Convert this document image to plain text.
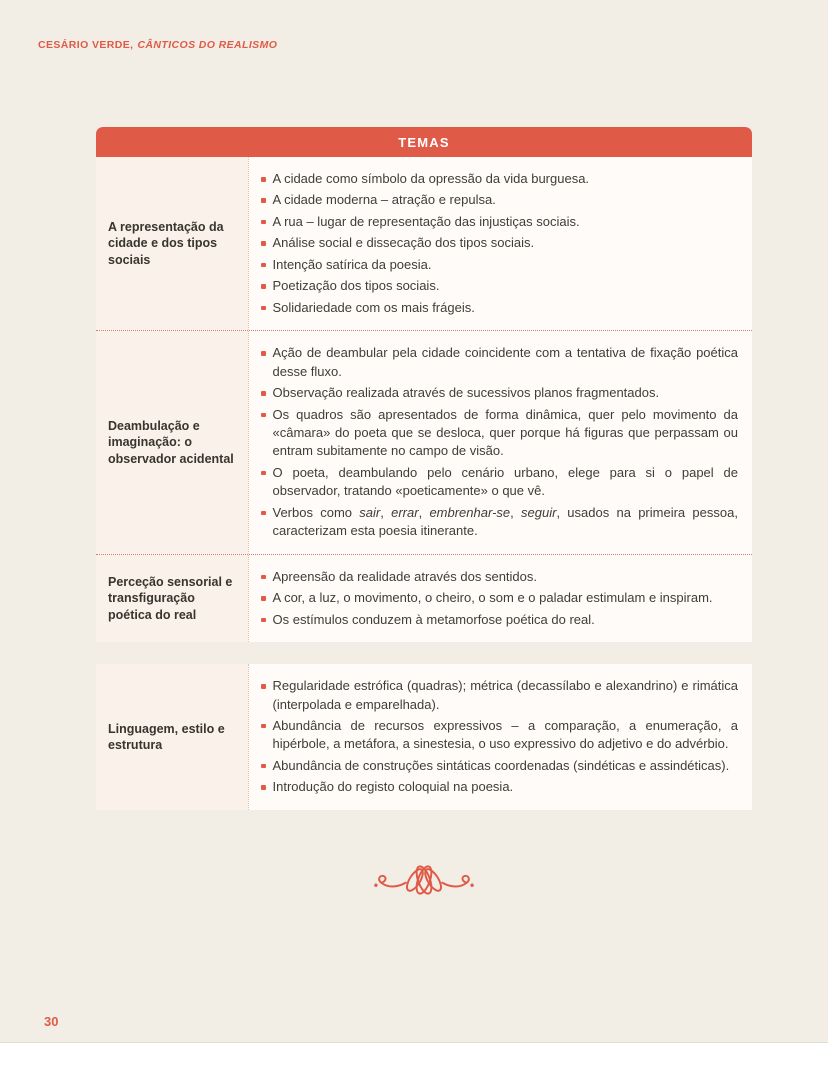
CESÁRIO VERDE, CÂNTICOS DO REALISMO
TEMAS
A representação da cidade e dos tipos sociais
A cidade como símbolo da opressão da vida burguesa.
A cidade moderna – atração e repulsa.
A rua – lugar de representação das injustiças sociais.
Análise social e dissecação dos tipos sociais.
Intenção satírica da poesia.
Poetização dos tipos sociais.
Solidariedade com os mais frágeis.
Deambulação e imaginação: o observador acidental
Ação de deambular pela cidade coincidente com a tentativa de fixação poética desse fluxo.
Observação realizada através de sucessivos planos fragmentados.
Os quadros são apresentados de forma dinâmica, quer pelo movimento da «câmara» do poeta que se desloca, quer porque há figuras que perpassam ou entram subitamente no campo de visão.
O poeta, deambulando pelo cenário urbano, elege para si o papel de observador, tratando «poeticamente» o que vê.
Verbos como sair, errar, embrenhar-se, seguir, usados na primeira pessoa, caracterizam esta poesia itinerante.
Perceção sensorial e transfiguração poética do real
Apreensão da realidade através dos sentidos.
A cor, a luz, o movimento, o cheiro, o som e o paladar estimulam e inspiram.
Os estímulos conduzem à metamorfose poética do real.
Linguagem, estilo e estrutura
Regularidade estrófica (quadras); métrica (decassílabo e alexandrino) e rimática (interpolada e emparelhada).
Abundância de recursos expressivos – a comparação, a enumeração, a hipérbole, a metáfora, a sinestesia, o uso expressivo do adjetivo e do advérbio.
Abundância de construções sintáticas coordenadas (sindéticas e assindéticas).
Introdução do registo coloquial na poesia.
30
